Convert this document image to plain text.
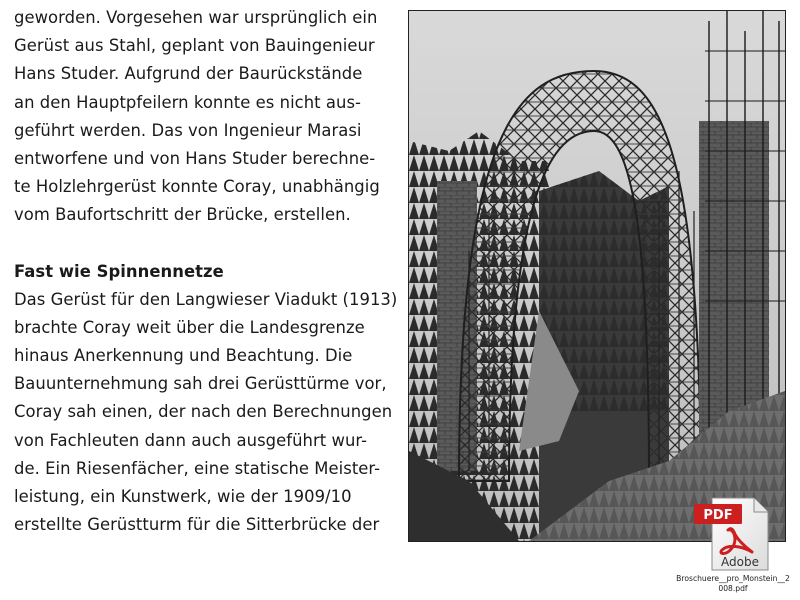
geworden. Vorgesehen war ursprünglich ein
Gerüst aus Stahl, geplant von Bauingenieur
Hans Studer. Aufgrund der Baurückstände
an den Hauptpfeilern konnte es nicht aus-
geführt werden. Das von Ingenieur Marasi
entworfene und von Hans Studer berechne-
te Holzlehrgerüst konnte Coray, unabhängig
vom Baufortschritt der Brücke, erstellen.
Fast wie Spinnennetze
Das Gerüst für den Langwieser Viadukt (1913)
brachte Coray weit über die Landesgrenze
hinaus Anerkennung und Beachtung. Die
Bauunternehmung sah drei Gerüsttürme vor,
Coray sah einen, der nach den Berechnungen
von Fachleuten dann auch ausgeführt wur-
de. Ein Riesenfächer, eine statische Meister-
leistung, ein Kunstwerk, wie der 1909/10
erstellte Gerüstturm für die Sitterbrücke der	PDF
Adobe
Broschuere__pro_Monstein__2008.pdf
